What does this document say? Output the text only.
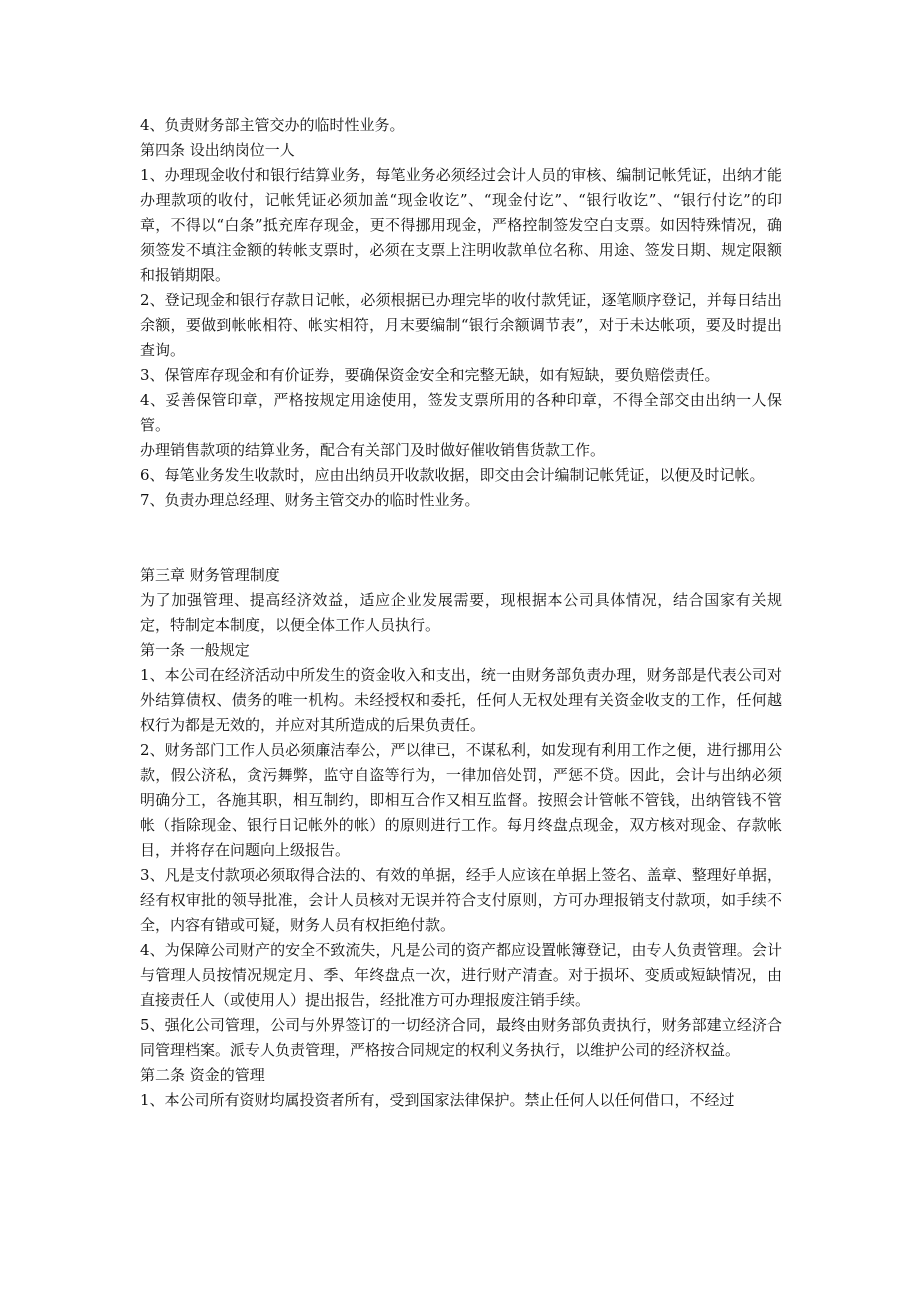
4、负责财务部主管交办的临时性业务。

第四条 设出纳岗位一人

1、办理现金收付和银行结算业务，每笔业务必须经过会计人员的审核、编制记帐凭证，出纳才能办理款项的收付，记帐凭证必须加盖“现金收讫”、“现金付讫”、“银行收讫”、“银行付讫”的印章，不得以“白条”抵充库存现金，更不得挪用现金，严格控制签发空白支票。如因特殊情况，确须签发不填注金额的转帐支票时，必须在支票上注明收款单位名称、用途、签发日期、规定限额和报销期限。

2、登记现金和银行存款日记帐，必须根据已办理完毕的收付款凭证，逐笔顺序登记，并每日结出余额，要做到帐帐相符、帐实相符，月末要编制“银行余额调节表”，对于未达帐项，要及时提出查询。

3、保管库存现金和有价证券，要确保资金安全和完整无缺，如有短缺，要负赔偿责任。

4、妥善保管印章，严格按规定用途使用，签发支票所用的各种印章，不得全部交由出纳一人保管。

办理销售款项的结算业务，配合有关部门及时做好催收销售货款工作。

6、每笔业务发生收款时，应由出纳员开收款收据，即交由会计编制记帐凭证，以便及时记帐。

7、负责办理总经理、财务主管交办的临时性业务。

第三章 财务管理制度

为了加强管理、提高经济效益，适应企业发展需要，现根据本公司具体情况，结合国家有关规定，特制定本制度，以便全体工作人员执行。

第一条 一般规定

1、本公司在经济活动中所发生的资金收入和支出，统一由财务部负责办理，财务部是代表公司对外结算债权、债务的唯一机构。未经授权和委托，任何人无权处理有关资金收支的工作，任何越权行为都是无效的，并应对其所造成的后果负责任。

2、财务部门工作人员必须廉洁奉公，严以律已，不谋私利，如发现有利用工作之便，进行挪用公款，假公济私，贪污舞弊，监守自盗等行为，一律加倍处罚，严惩不贷。因此，会计与出纳必须明确分工，各施其职，相互制约，即相互合作又相互监督。按照会计管帐不管钱，出纳管钱不管帐（指除现金、银行日记帐外的帐）的原则进行工作。每月终盘点现金，双方核对现金、存款帐目，并将存在问题向上级报告。

3、凡是支付款项必须取得合法的、有效的单据，经手人应该在单据上签名、盖章、整理好单据，经有权审批的领导批准，会计人员核对无误并符合支付原则，方可办理报销支付款项，如手续不全，内容有错或可疑，财务人员有权拒绝付款。

4、为保障公司财产的安全不致流失，凡是公司的资产都应设置帐簿登记，由专人负责管理。会计与管理人员按情况规定月、季、年终盘点一次，进行财产清查。对于损坏、变质或短缺情况，由直接责任人（或使用人）提出报告，经批准方可办理报废注销手续。

5、强化公司管理，公司与外界签订的一切经济合同，最终由财务部负责执行，财务部建立经济合同管理档案。派专人负责管理，严格按合同规定的权利义务执行，以维护公司的经济权益。

第二条 资金的管理

1、本公司所有资财均属投资者所有，受到国家法律保护。禁止任何人以任何借口，不经过
